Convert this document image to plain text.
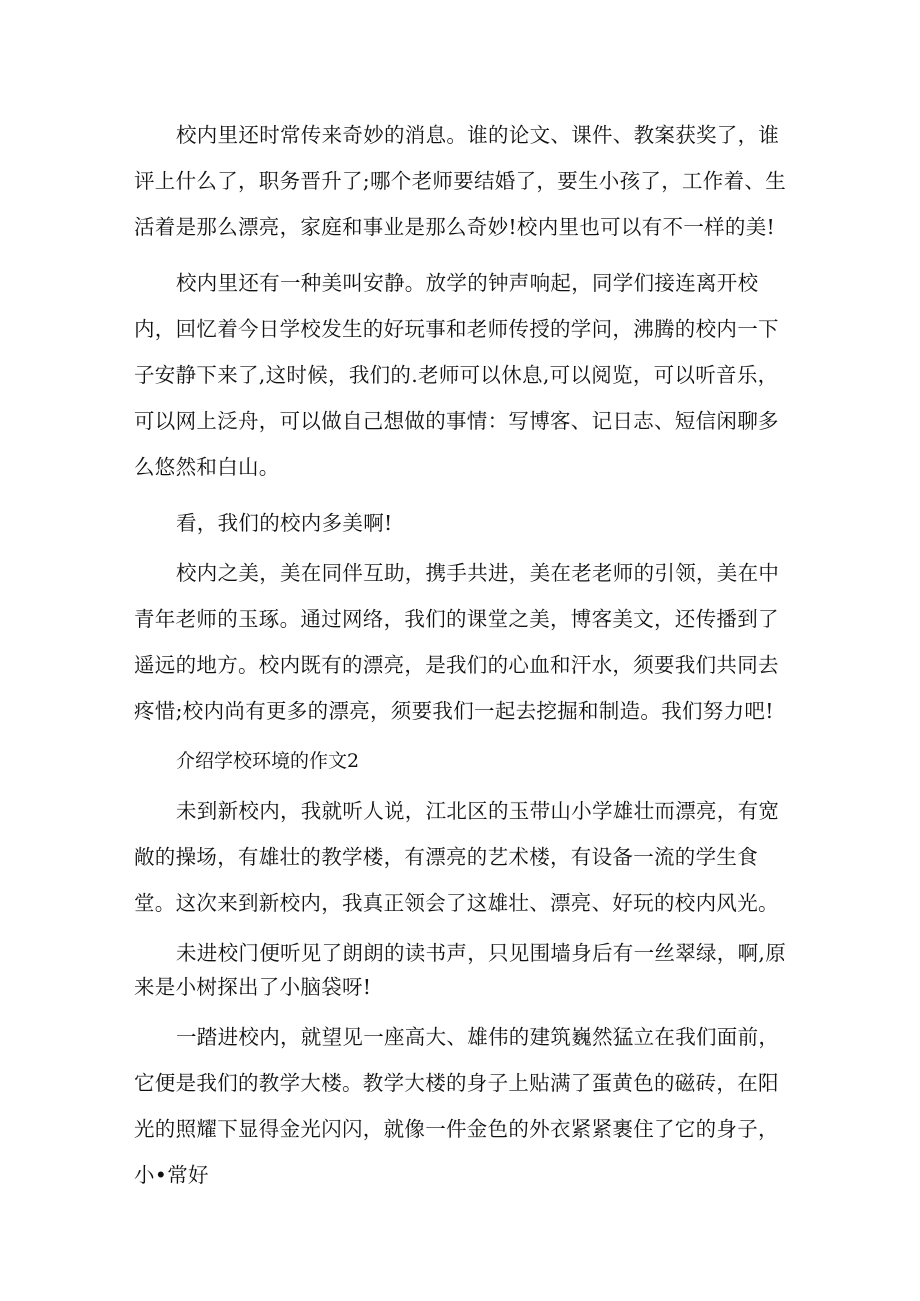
校内里还时常传来奇妙的消息。谁的论文、课件、教案获奖了，谁评上什么了，职务晋升了;哪个老师要结婚了，要生小孩了，工作着、生活着是那么漂亮，家庭和事业是那么奇妙!校内里也可以有不一样的美!

校内里还有一种美叫安静。放学的钟声响起，同学们接连离开校内，回忆着今日学校发生的好玩事和老师传授的学问，沸腾的校内一下子安静下来了,这时候，我们的.老师可以休息,可以阅览，可以听音乐，可以网上泛舟，可以做自己想做的事情：写博客、记日志、短信闲聊多么悠然和白山。

看，我们的校内多美啊!

校内之美，美在同伴互助，携手共进，美在老老师的引领，美在中青年老师的玉琢。通过网络，我们的课堂之美，博客美文，还传播到了遥远的地方。校内既有的漂亮，是我们的心血和汗水，须要我们共同去疼惜;校内尚有更多的漂亮，须要我们一起去挖掘和制造。我们努力吧!

介绍学校环境的作文2

未到新校内，我就听人说，江北区的玉带山小学雄壮而漂亮，有宽敞的操场，有雄壮的教学楼，有漂亮的艺术楼，有设备一流的学生食堂。这次来到新校内，我真正领会了这雄壮、漂亮、好玩的校内风光。

未进校门便听见了朗朗的读书声，只见围墙身后有一丝翠绿，啊,原来是小树探出了小脑袋呀!

一踏进校内，就望见一座高大、雄伟的建筑巍然猛立在我们面前，它便是我们的教学大楼。教学大楼的身子上贴满了蛋黄色的磁砖，在阳光的照耀下显得金光闪闪，就像一件金色的外衣紧紧裹住了它的身子，小•常好
